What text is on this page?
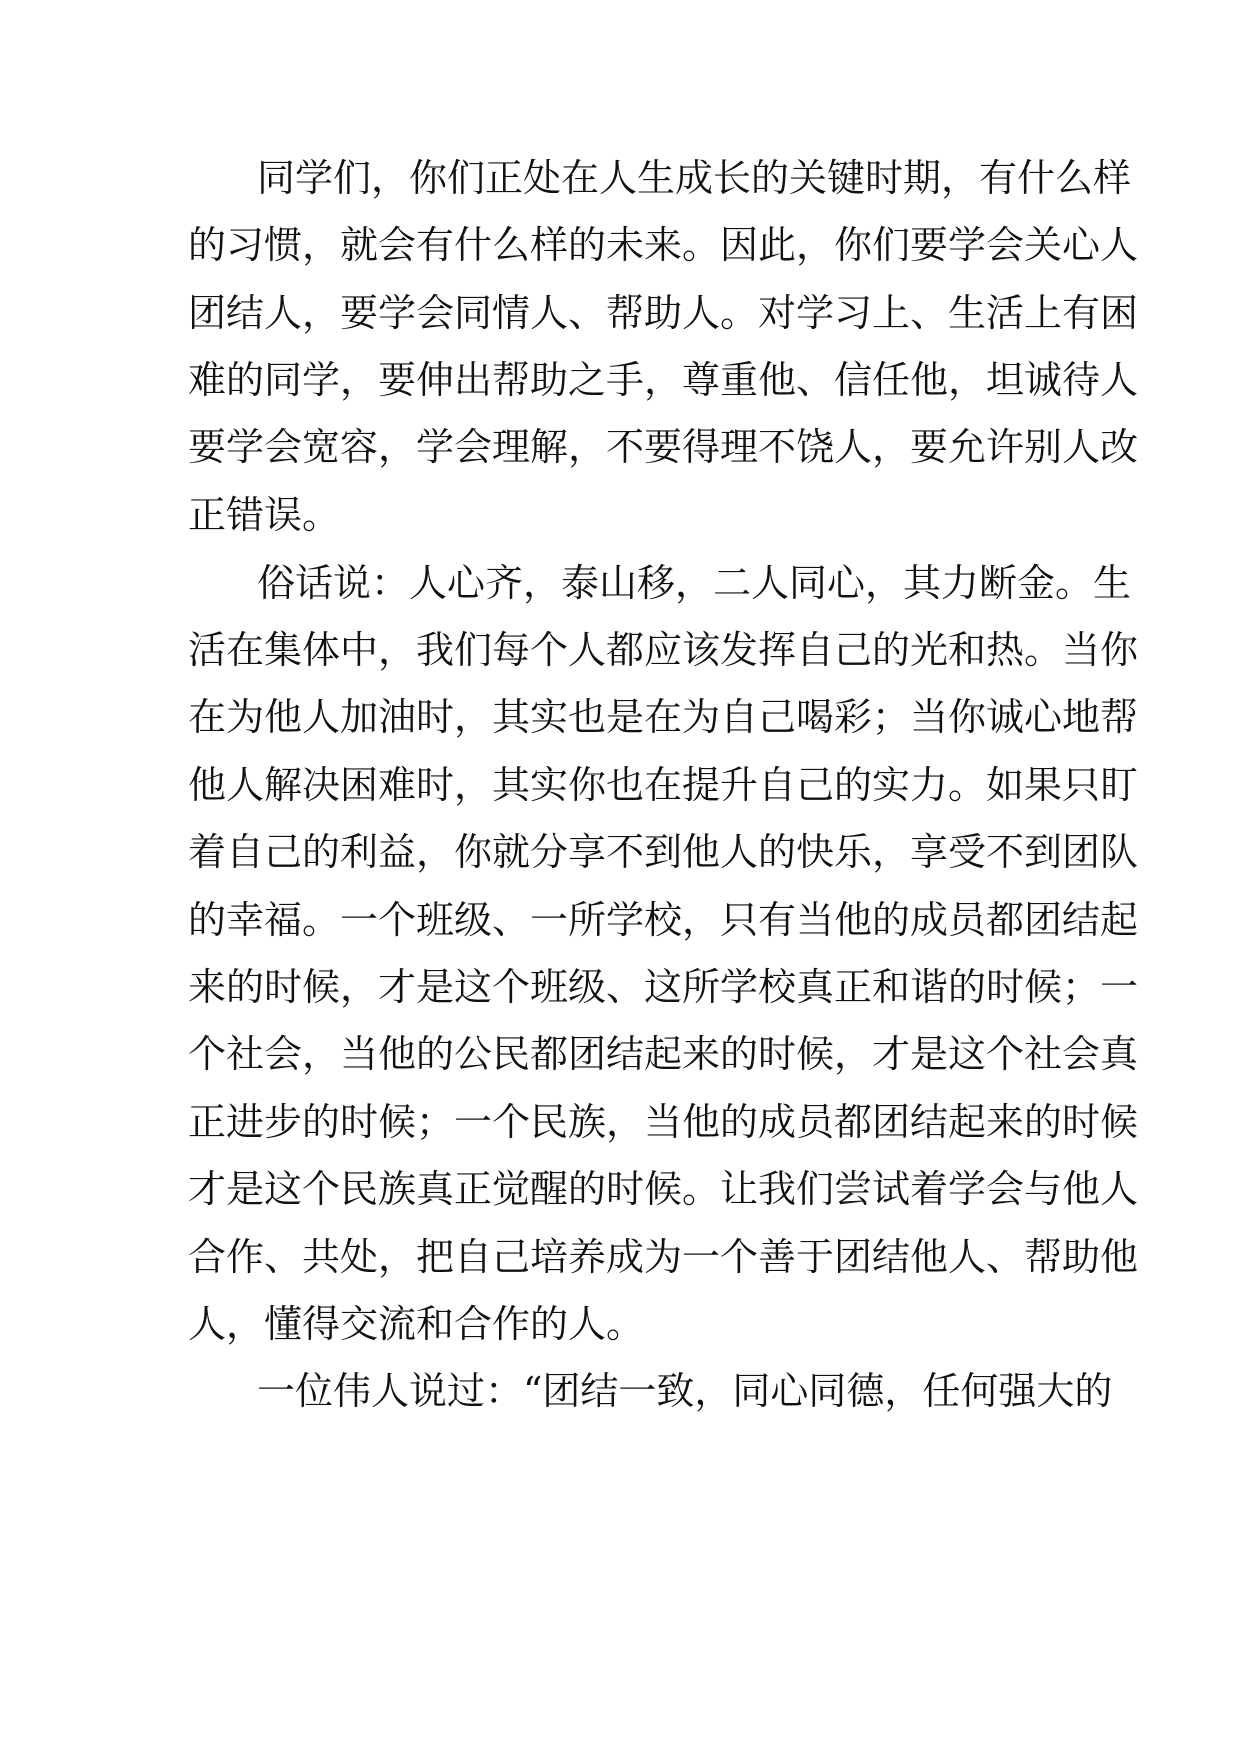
同学们，你们正处在人生成长的关键时期，有什么样
的习惯，就会有什么样的未来。因此，你们要学会关心人
团结人，要学会同情人、帮助人。对学习上、生活上有困
难的同学，要伸出帮助之手，尊重他、信任他，坦诚待人
要学会宽容，学会理解，不要得理不饶人，要允许别人改
正错误。
俗话说：人心齐，泰山移，二人同心，其力断金。生
活在集体中，我们每个人都应该发挥自己的光和热。当你
在为他人加油时，其实也是在为自己喝彩；当你诚心地帮
他人解决困难时，其实你也在提升自己的实力。如果只盯
着自己的利益，你就分享不到他人的快乐，享受不到团队
的幸福。一个班级、一所学校，只有当他的成员都团结起
来的时候，才是这个班级、这所学校真正和谐的时候；一
个社会，当他的公民都团结起来的时候，才是这个社会真
正进步的时候；一个民族，当他的成员都团结起来的时候
才是这个民族真正觉醒的时候。让我们尝试着学会与他人
合作、共处，把自己培养成为一个善于团结他人、帮助他
人，懂得交流和合作的人。
一位伟人说过：“团结一致，同心同德，任何强大的
